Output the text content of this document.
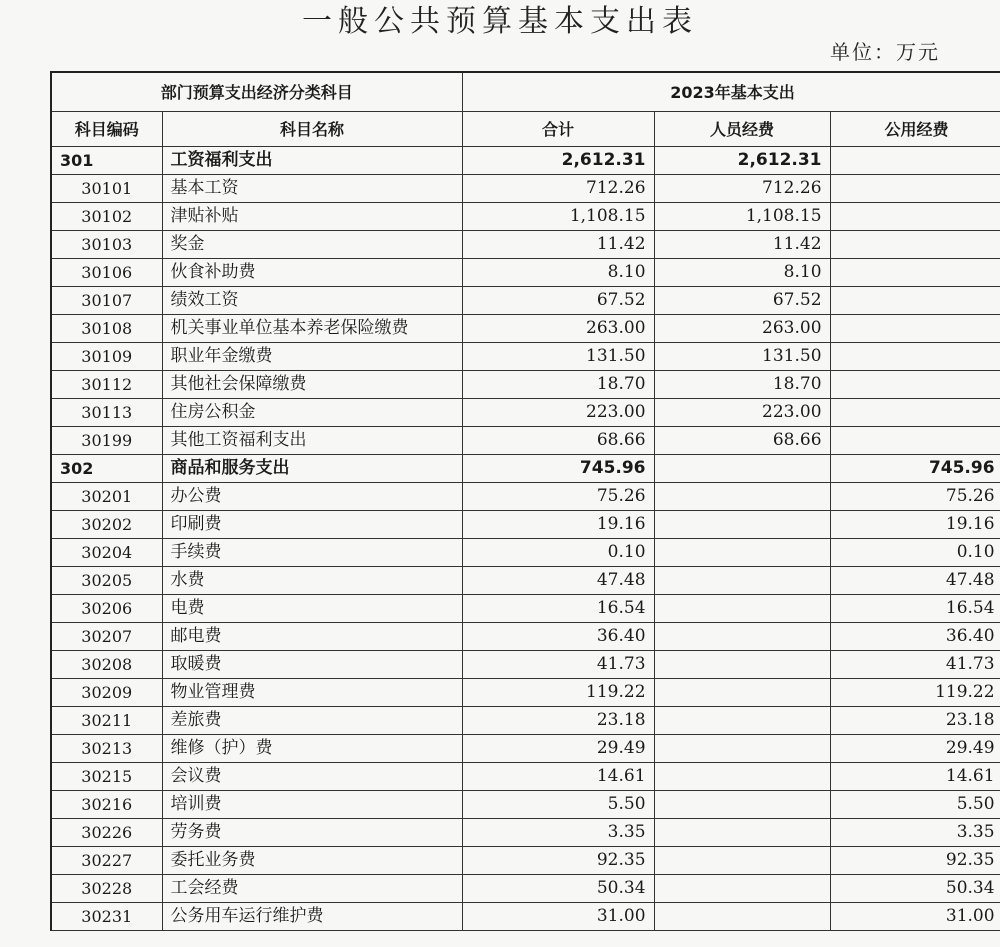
一般公共预算基本支出表
单位：万元
部门预算支出经济分类科目		2023年基本支出		
科目编码	科目名称	合计	人员经费	公用经费
301	工资福利支出	2,612.31	2,612.31	
30101	基本工资	712.26	712.26	
30102	津贴补贴	1,108.15	1,108.15	
30103	奖金	11.42	11.42	
30106	伙食补助费	8.10	8.10	
30107	绩效工资	67.52	67.52	
30108	机关事业单位基本养老保险缴费	263.00	263.00	
30109	职业年金缴费	131.50	131.50	
30112	其他社会保障缴费	18.70	18.70	
30113	住房公积金	223.00	223.00	
30199	其他工资福利支出	68.66	68.66	
302	商品和服务支出	745.96		745.96
30201	办公费	75.26		75.26
30202	印刷费	19.16		19.16
30204	手续费	0.10		0.10
30205	水费	47.48		47.48
30206	电费	16.54		16.54
30207	邮电费	36.40		36.40
30208	取暖费	41.73		41.73
30209	物业管理费	119.22		119.22
30211	差旅费	23.18		23.18
30213	维修（护）费	29.49		29.49
30215	会议费	14.61		14.61
30216	培训费	5.50		5.50
30226	劳务费	3.35		3.35
30227	委托业务费	92.35		92.35
30228	工会经费	50.34		50.34
30231	公务用车运行维护费	31.00		31.00
